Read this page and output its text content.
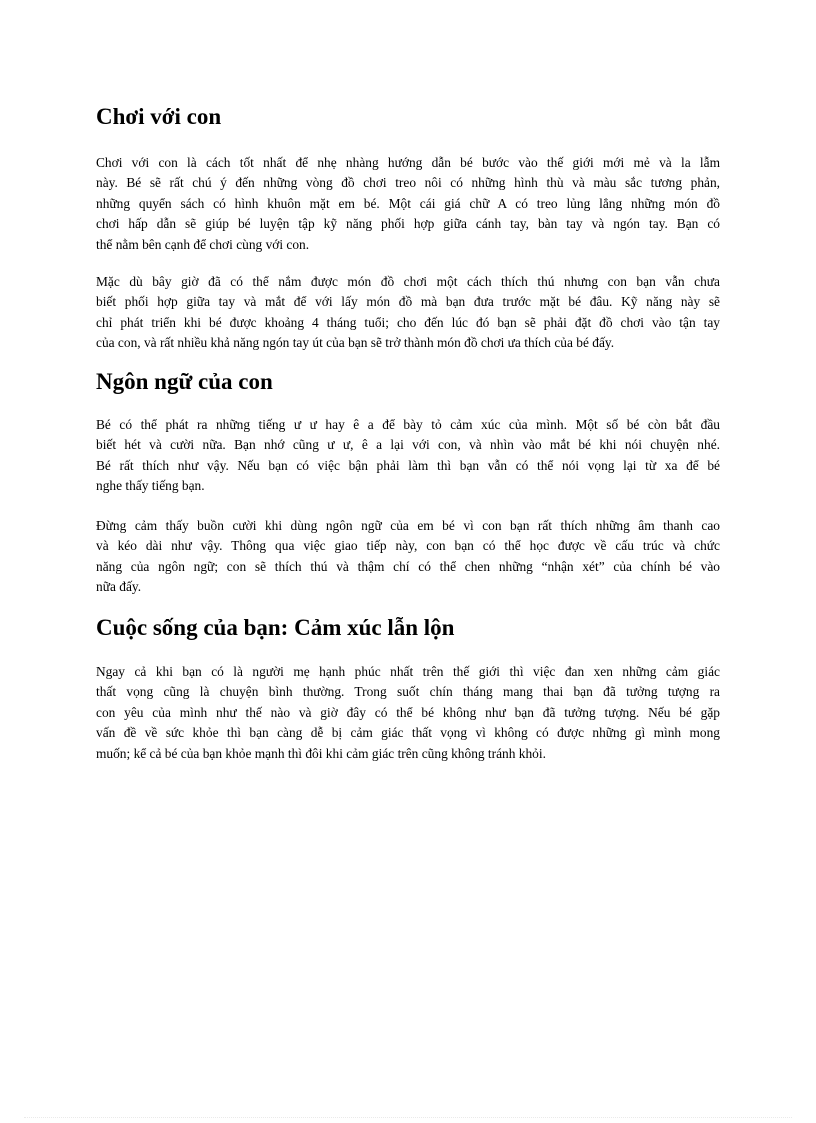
Chơi với con

Chơi với con là cách tốt nhất để nhẹ nhàng hướng dẫn bé bước vào thế giới mới mẻ và la lẫm
này. Bé sẽ rất chú ý đến những vòng đồ chơi treo nôi có những hình thù và màu sắc tương phản,
những quyển sách có hình khuôn mặt em bé. Một cái giá chữ A có treo lủng lẳng những món đồ
chơi hấp dẫn sẽ giúp bé luyện tập kỹ năng phối hợp giữa cánh tay, bàn tay và ngón tay. Bạn có
thể nằm bên cạnh để chơi cùng với con.

Mặc dù bây giờ đã có thể nắm được món đồ chơi một cách thích thú nhưng con bạn vẫn chưa
biết phối hợp giữa tay và mắt để với lấy món đồ mà bạn đưa trước mặt bé đâu. Kỹ năng này sẽ
chỉ phát triển khi bé được khoảng 4 tháng tuổi; cho đến lúc đó bạn sẽ phải đặt đồ chơi vào tận tay
của con, và rất nhiều khả năng ngón tay út của bạn sẽ trở thành món đồ chơi ưa thích của bé đấy.

Ngôn ngữ của con

Bé có thể phát ra những tiếng ư ư hay ê a để bày tỏ cảm xúc của mình. Một số bé còn bắt đầu
biết hét và cười nữa. Bạn nhớ cũng ư ư, ê a lại với con, và nhìn vào mắt bé khi nói chuyện nhé.
Bé rất thích như vậy. Nếu bạn có việc bận phải làm thì bạn vẫn có thể nói vọng lại từ xa để bé
nghe thấy tiếng bạn.

Đừng cảm thấy buồn cười khi dùng ngôn ngữ của em bé vì con bạn rất thích những âm thanh cao
và kéo dài như vậy. Thông qua việc giao tiếp này, con bạn có thể học được về cấu trúc và chức
năng của ngôn ngữ; con sẽ thích thú và thậm chí có thể chen những “nhận xét” của chính bé vào
nữa đấy.

Cuộc sống của bạn: Cảm xúc lẫn lộn

Ngay cả khi bạn có là người mẹ hạnh phúc nhất trên thế giới thì việc đan xen những cảm giác
thất vọng cũng là chuyện bình thường. Trong suốt chín tháng mang thai bạn đã tưởng tượng ra
con yêu của mình như thế nào và giờ đây có thể bé không như bạn đã tưởng tượng. Nếu bé gặp
vấn đề về sức khỏe thì bạn càng dễ bị cảm giác thất vọng vì không có được những gì mình mong
muốn; kể cả bé của bạn khỏe mạnh thì đôi khi cảm giác trên cũng không tránh khỏi.
